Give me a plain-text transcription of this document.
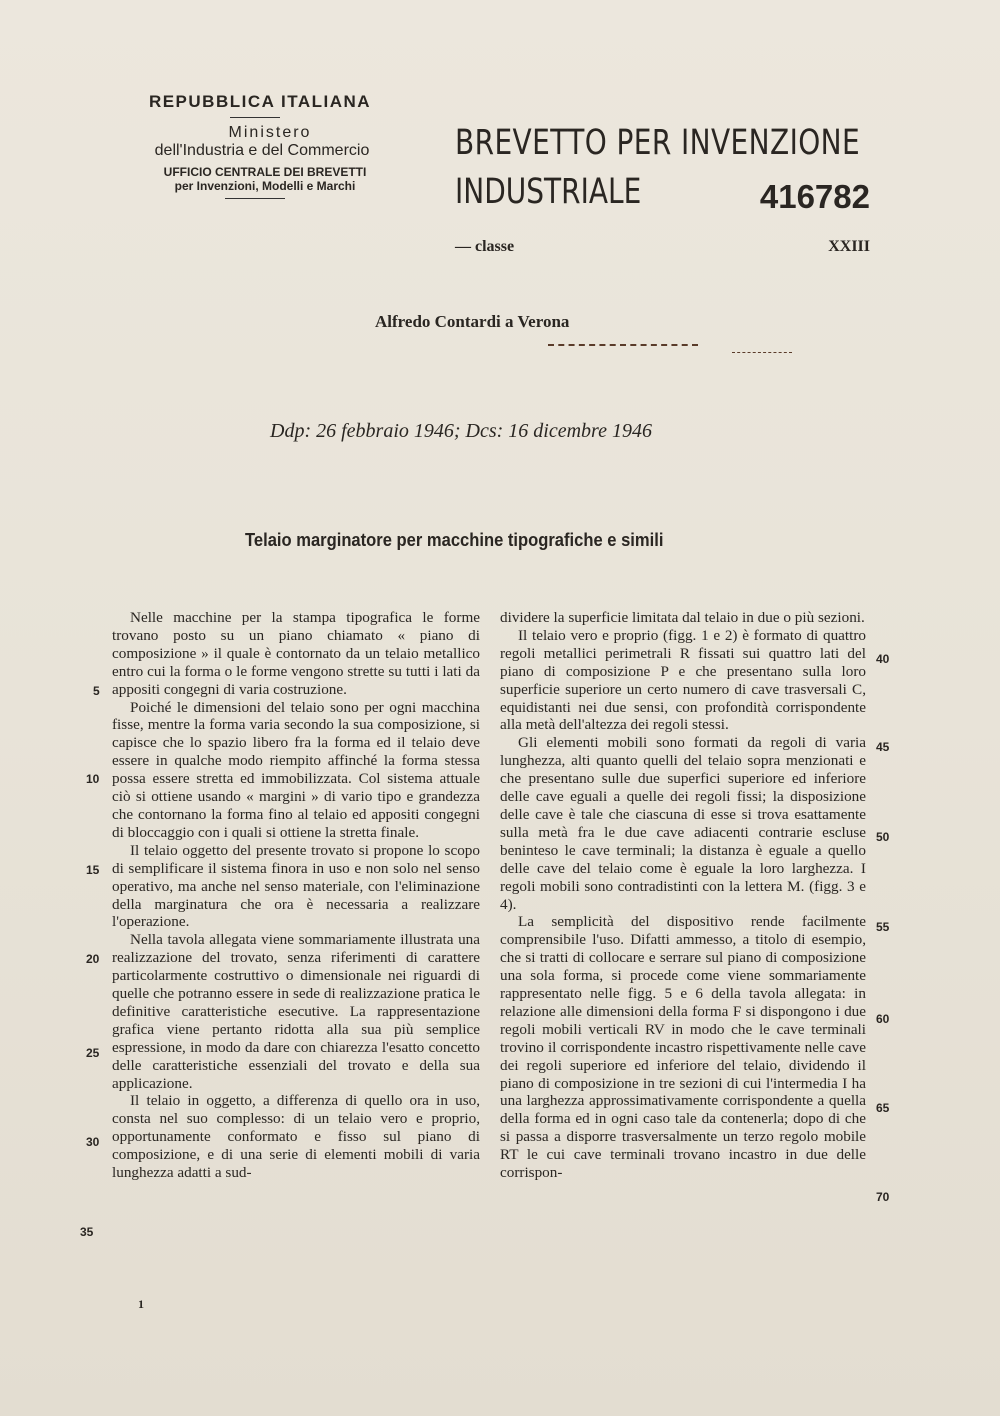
REPUBBLICA ITALIANA
Ministero
dell'Industria e del Commercio
UFFICIO CENTRALE DEI BREVETTI
per Invenzioni, Modelli e Marchi
BREVETTO PER INVENZIONE
INDUSTRIALE	416782
— classe	XXIII
Alfredo Contardi a Verona
Ddp: 26 febbraio 1946; Dcs: 16 dicembre 1946
Telaio marginatore per macchine tipografiche e simili

Nelle macchine per la stampa tipografica le forme trovano posto su un piano chiamato « piano di composizione » il quale è contornato da un telaio metallico entro cui la forma o le forme vengono strette su tutti i lati da appositi congegni di varia costruzione.

Poiché le dimensioni del telaio sono per ogni macchina fisse, mentre la forma varia secondo la sua composizione, si capisce che lo spazio libero fra la forma ed il telaio deve essere in qualche modo riempito affinché la forma stessa possa essere stretta ed immobilizzata. Col sistema attuale ciò si ottiene usando « margini » di vario tipo e grandezza che contornano la forma fino al telaio ed appositi congegni di bloccaggio con i quali si ottiene la stretta finale.

Il telaio oggetto del presente trovato si propone lo scopo di semplificare il sistema finora in uso e non solo nel senso operativo, ma anche nel senso materiale, con l'eliminazione della marginatura che ora è necessaria a realizzare l'operazione.

Nella tavola allegata viene sommariamente illustrata una realizzazione del trovato, senza riferimenti di carattere particolarmente costruttivo o dimensionale nei riguardi di quelle che potranno essere in sede di realizzazione pratica le definitive caratteristiche esecutive. La rappresentazione grafica viene pertanto ridotta alla sua più semplice espressione, in modo da dare con chiarezza l'esatto concetto delle caratteristiche essenziali del trovato e della sua applicazione.

Il telaio in oggetto, a differenza di quello ora in uso, consta nel suo complesso: di un telaio vero e proprio, opportunamente conformato e fisso sul piano di composizione, e di una serie di elementi mobili di varia lunghezza adatti a sud-

dividere la superficie limitata dal telaio in due o più sezioni.

Il telaio vero e proprio (figg. 1 e 2) è formato di quattro regoli metallici perimetrali R fissati sui quattro lati del piano di composizione P e che presentano sulla loro superficie superiore un certo numero di cave trasversali C, equidistanti nei due sensi, con profondità corrispondente alla metà dell'altezza dei regoli stessi.

Gli elementi mobili sono formati da regoli di varia lunghezza, alti quanto quelli del telaio sopra menzionati e che presentano sulle due superfici superiore ed inferiore delle cave eguali a quelle dei regoli fissi; la disposizione delle cave è tale che ciascuna di esse si trova esattamente sulla metà fra le due cave adiacenti contrarie escluse beninteso le cave terminali; la distanza è eguale a quello delle cave del telaio come è eguale la loro larghezza. I regoli mobili sono contradistinti con la lettera M. (figg. 3 e 4).

La semplicità del dispositivo rende facilmente comprensibile l'uso. Difatti ammesso, a titolo di esempio, che si tratti di collocare e serrare sul piano di composizione una sola forma, si procede come viene sommariamente rappresentato nelle figg. 5 e 6 della tavola allegata: in relazione alle dimensioni della forma F si dispongono i due regoli mobili verticali RV in modo che le cave terminali trovino il corrispondente incastro rispettivamente nelle cave dei regoli superiore ed inferiore del telaio, dividendo il piano di composizione in tre sezioni di cui l'intermedia I ha una larghezza approssimativamente corrispondente a quella della forma ed in ogni caso tale da contenerla; dopo di che si passa a disporre trasversalmente un terzo regolo mobile RT le cui cave terminali trovano incastro in due delle corrispon-

5
10
15
20
25
30
35
40
45
50
55
60
65
70
1
